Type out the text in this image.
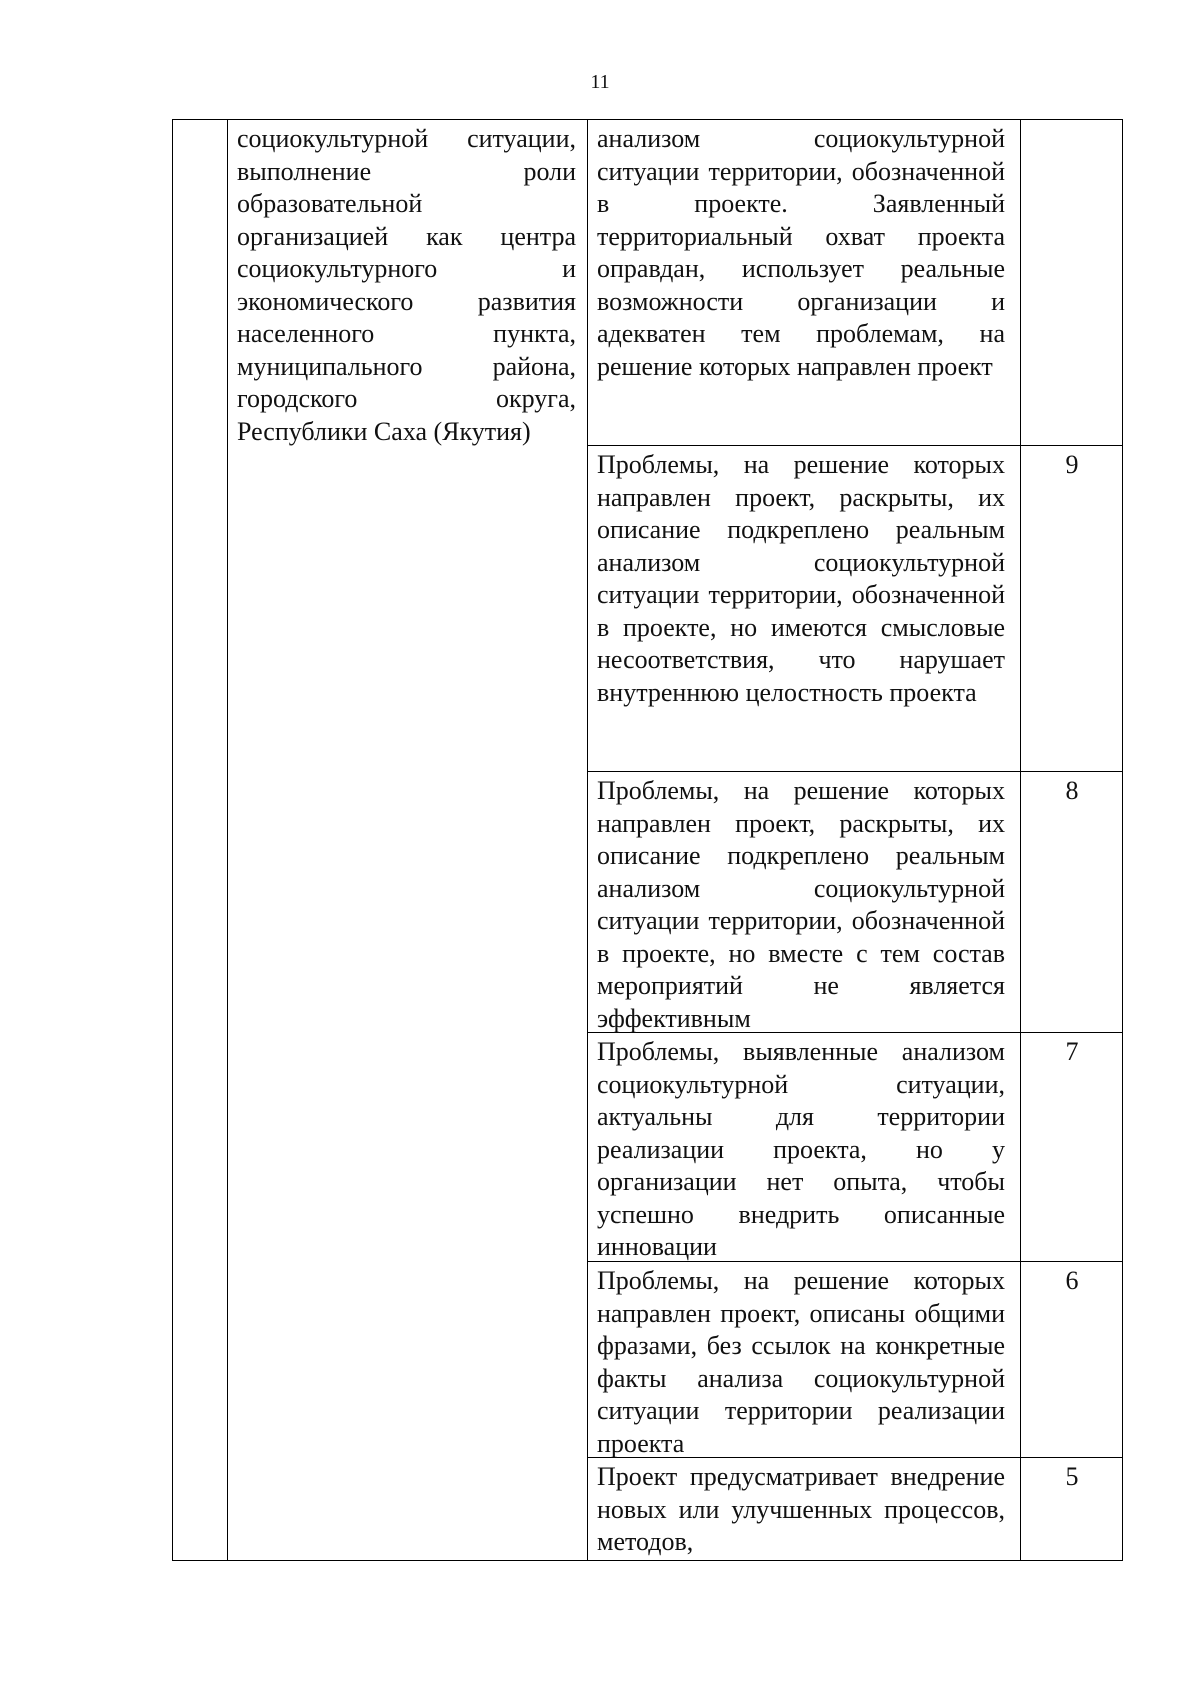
11
социокультурной ситуации, выполнение роли образовательной организацией как центра социокультурного и экономического развития населенного пункта, муниципального района, городского округа, Республики Саха (Якутия)
анализом социокультурной ситуации территории, обозначенной в проекте. Заявленный территориальный охват проекта оправдан, использует реальные возможности организации и адекватен тем проблемам, на решение которых направлен проект
Проблемы, на решение которых направлен проект, раскрыты, их описание подкреплено реальным анализом социокультурной ситуации территории, обозначенной в проекте, но имеются смысловые несоответствия, что нарушает внутреннюю целостность проекта
Проблемы, на решение которых направлен проект, раскрыты, их описание подкреплено реальным анализом социокультурной ситуации территории, обозначенной в проекте, но вместе с тем состав мероприятий не является эффективным
Проблемы, выявленные анализом социокультурной ситуации, актуальны для территории реализации проекта, но у организации нет опыта, чтобы успешно внедрить описанные инновации
Проблемы, на решение которых направлен проект, описаны общими фразами, без ссылок на конкретные факты анализа социокультурной ситуации территории реализации проекта
Проект предусматривает внедрение новых или улучшенных процессов, методов,
9
8
7
6
5
